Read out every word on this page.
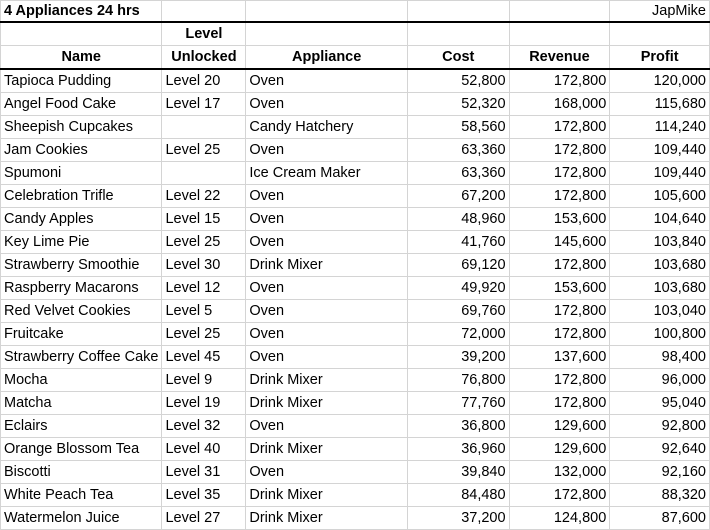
4 Appliances 24 hrs					JapMike
	Level				
Name	Unlocked	Appliance	Cost	Revenue	Profit
Tapioca Pudding	Level 20	Oven	52,800	172,800	120,000
Angel Food Cake	Level 17	Oven	52,320	168,000	115,680
Sheepish Cupcakes		Candy Hatchery	58,560	172,800	114,240
Jam Cookies	Level 25	Oven	63,360	172,800	109,440
Spumoni		Ice Cream Maker	63,360	172,800	109,440
Celebration Trifle	Level 22	Oven	67,200	172,800	105,600
Candy Apples	Level 15	Oven	48,960	153,600	104,640
Key Lime Pie	Level 25	Oven	41,760	145,600	103,840
Strawberry Smoothie	Level 30	Drink Mixer	69,120	172,800	103,680
Raspberry Macarons	Level 12	Oven	49,920	153,600	103,680
Red Velvet Cookies	Level 5	Oven	69,760	172,800	103,040
Fruitcake	Level 25	Oven	72,000	172,800	100,800
Strawberry Coffee Cake	Level 45	Oven	39,200	137,600	98,400
Mocha	Level 9	Drink Mixer	76,800	172,800	96,000
Matcha	Level 19	Drink Mixer	77,760	172,800	95,040
Eclairs	Level 32	Oven	36,800	129,600	92,800
Orange Blossom Tea	Level 40	Drink Mixer	36,960	129,600	92,640
Biscotti	Level 31	Oven	39,840	132,000	92,160
White Peach Tea	Level 35	Drink Mixer	84,480	172,800	88,320
Watermelon Juice	Level 27	Drink Mixer	37,200	124,800	87,600
